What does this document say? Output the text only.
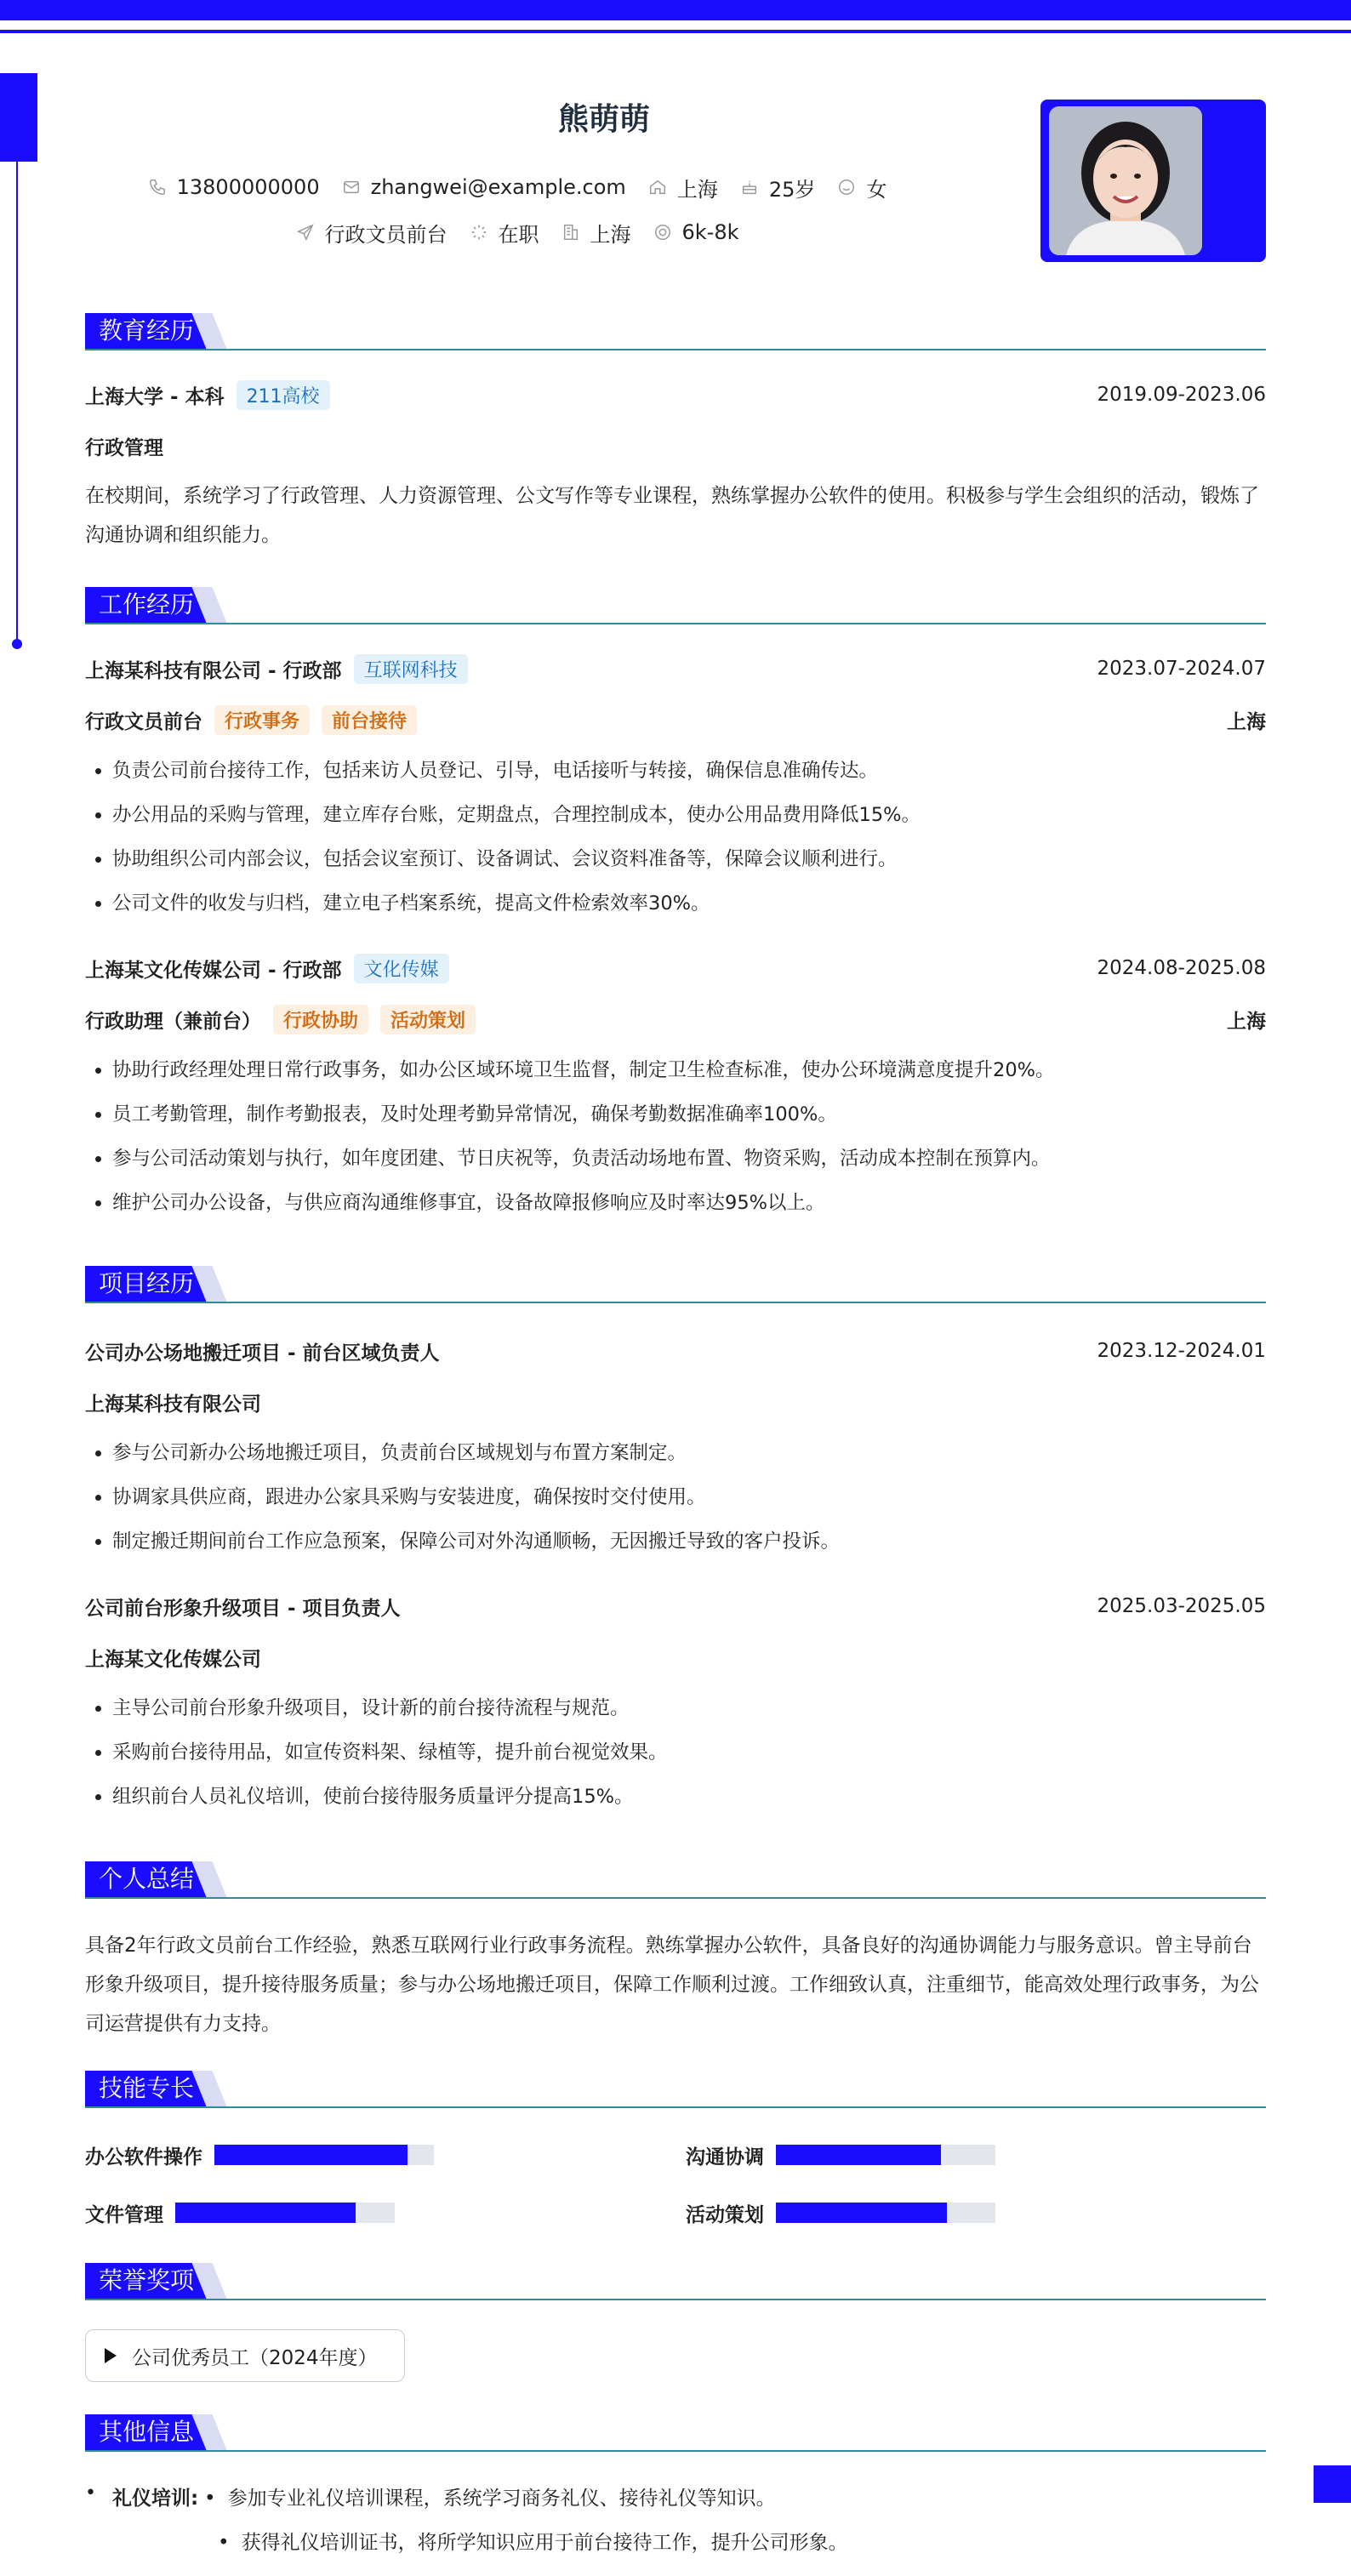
熊萌萌
13800000000	zhangwei@example.com	上海	25岁	女
行政文员前台	在职	上海	6k-8k
教育经历
上海大学 - 本科	211高校	2019.09-2023.06
行政管理
在校期间，系统学习了行政管理、人力资源管理、公文写作等专业课程，熟练掌握办公软件的使用。积极参与学生会组织的活动，锻炼了沟通协调和组织能力。
工作经历
上海某科技有限公司 - 行政部	互联网科技	2023.07-2024.07
行政文员前台	行政事务	前台接待	上海
• 负责公司前台接待工作，包括来访人员登记、引导，电话接听与转接，确保信息准确传达。
• 办公用品的采购与管理，建立库存台账，定期盘点，合理控制成本，使办公用品费用降低15%。
• 协助组织公司内部会议，包括会议室预订、设备调试、会议资料准备等，保障会议顺利进行。
• 公司文件的收发与归档，建立电子档案系统，提高文件检索效率30%。
上海某文化传媒公司 - 行政部	文化传媒	2024.08-2025.08
行政助理（兼前台）	行政协助	活动策划	上海
• 协助行政经理处理日常行政事务，如办公区域环境卫生监督，制定卫生检查标准，使办公环境满意度提升20%。
• 员工考勤管理，制作考勤报表，及时处理考勤异常情况，确保考勤数据准确率100%。
• 参与公司活动策划与执行，如年度团建、节日庆祝等，负责活动场地布置、物资采购，活动成本控制在预算内。
• 维护公司办公设备，与供应商沟通维修事宜，设备故障报修响应及时率达95%以上。
项目经历
公司办公场地搬迁项目 - 前台区域负责人	2023.12-2024.01
上海某科技有限公司
• 参与公司新办公场地搬迁项目，负责前台区域规划与布置方案制定。
• 协调家具供应商，跟进办公家具采购与安装进度，确保按时交付使用。
• 制定搬迁期间前台工作应急预案，保障公司对外沟通顺畅，无因搬迁导致的客户投诉。
公司前台形象升级项目 - 项目负责人	2025.03-2025.05
上海某文化传媒公司
• 主导公司前台形象升级项目，设计新的前台接待流程与规范。
• 采购前台接待用品，如宣传资料架、绿植等，提升前台视觉效果。
• 组织前台人员礼仪培训，使前台接待服务质量评分提高15%。
个人总结
具备2年行政文员前台工作经验，熟悉互联网行业行政事务流程。熟练掌握办公软件，具备良好的沟通协调能力与服务意识。曾主导前台形象升级项目，提升接待服务质量；参与办公场地搬迁项目，保障工作顺利过渡。工作细致认真，注重细节，能高效处理行政事务，为公司运营提供有力支持。
技能专长
办公软件操作	沟通协调
文件管理	活动策划
荣誉奖项
公司优秀员工（2024年度）
其他信息
• 礼仪培训: • 参加专业礼仪培训课程，系统学习商务礼仪、接待礼仪等知识。
• 获得礼仪培训证书，将所学知识应用于前台接待工作，提升公司形象。
